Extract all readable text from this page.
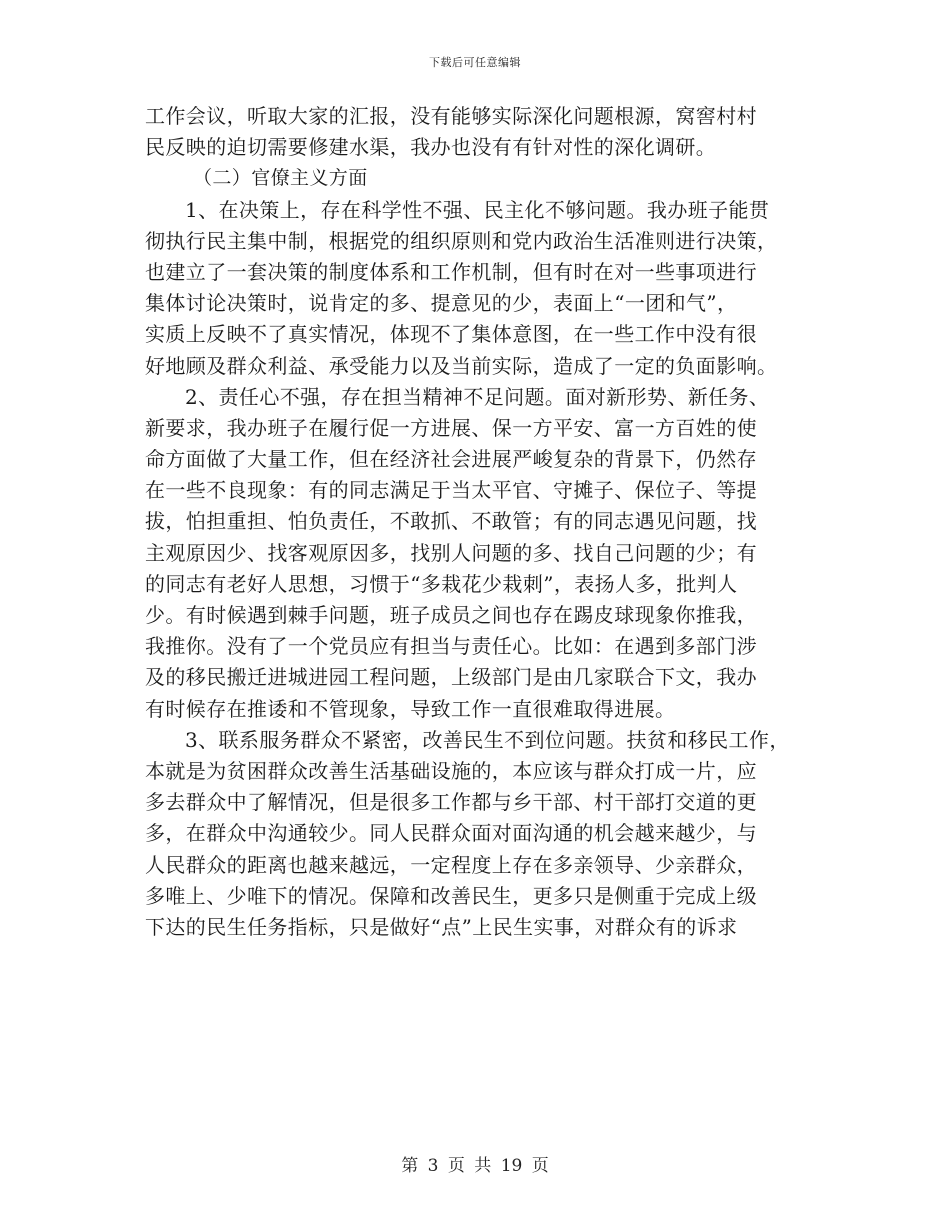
下载后可任意编辑
工作会议，听取大家的汇报，没有能够实际深化问题根源，窝窖村村
民反映的迫切需要修建水渠，我办也没有有针对性的深化调研。
（二）官僚主义方面
1、在决策上，存在科学性不强、民主化不够问题。我办班子能贯
彻执行民主集中制，根据党的组织原则和党内政治生活准则进行决策，
也建立了一套决策的制度体系和工作机制，但有时在对一些事项进行
集体讨论决策时，说肯定的多、提意见的少，表面上“一团和气”，
实质上反映不了真实情况，体现不了集体意图，在一些工作中没有很
好地顾及群众利益、承受能力以及当前实际，造成了一定的负面影响。
2、责任心不强，存在担当精神不足问题。面对新形势、新任务、
新要求，我办班子在履行促一方进展、保一方平安、富一方百姓的使
命方面做了大量工作，但在经济社会进展严峻复杂的背景下，仍然存
在一些不良现象：有的同志满足于当太平官、守摊子、保位子、等提
拔，怕担重担、怕负责任，不敢抓、不敢管；有的同志遇见问题，找
主观原因少、找客观原因多，找别人问题的多、找自己问题的少；有
的同志有老好人思想，习惯于“多栽花少栽刺”，表扬人多，批判人
少。有时候遇到棘手问题，班子成员之间也存在踢皮球现象你推我，
我推你。没有了一个党员应有担当与责任心。比如：在遇到多部门涉
及的移民搬迁进城进园工程问题，上级部门是由几家联合下文，我办
有时候存在推诿和不管现象，导致工作一直很难取得进展。
3、联系服务群众不紧密，改善民生不到位问题。扶贫和移民工作，
本就是为贫困群众改善生活基础设施的，本应该与群众打成一片，应
多去群众中了解情况，但是很多工作都与乡干部、村干部打交道的更
多，在群众中沟通较少。同人民群众面对面沟通的机会越来越少，与
人民群众的距离也越来越远，一定程度上存在多亲领导、少亲群众，
多唯上、少唯下的情况。保障和改善民生，更多只是侧重于完成上级
下达的民生任务指标，只是做好“点”上民生实事，对群众有的诉求
第 3 页 共 19 页
